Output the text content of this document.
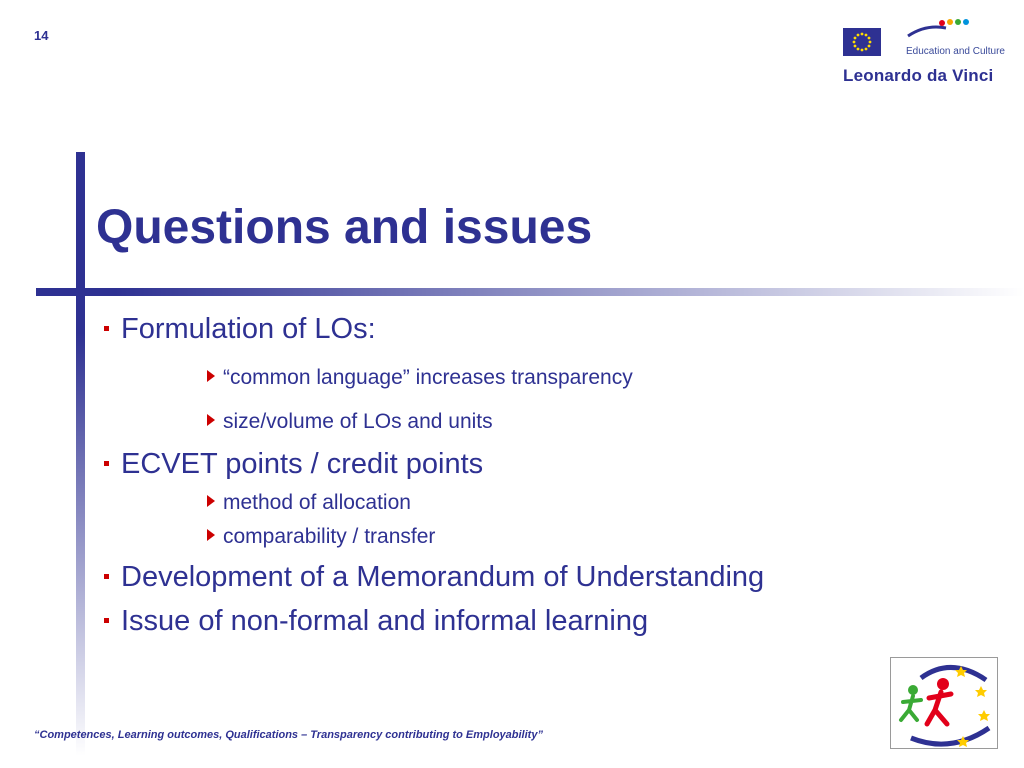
14
Education and Culture
Leonardo da Vinci
Questions and issues
Formulation of LOs:
“common language” increases transparency
size/volume of LOs and units
ECVET points / credit points
method of allocation
comparability / transfer
Development of a Memorandum of Understanding
Issue of non-formal and informal learning
“Competences, Learning outcomes, Qualifications – Transparency contributing to Employability”
